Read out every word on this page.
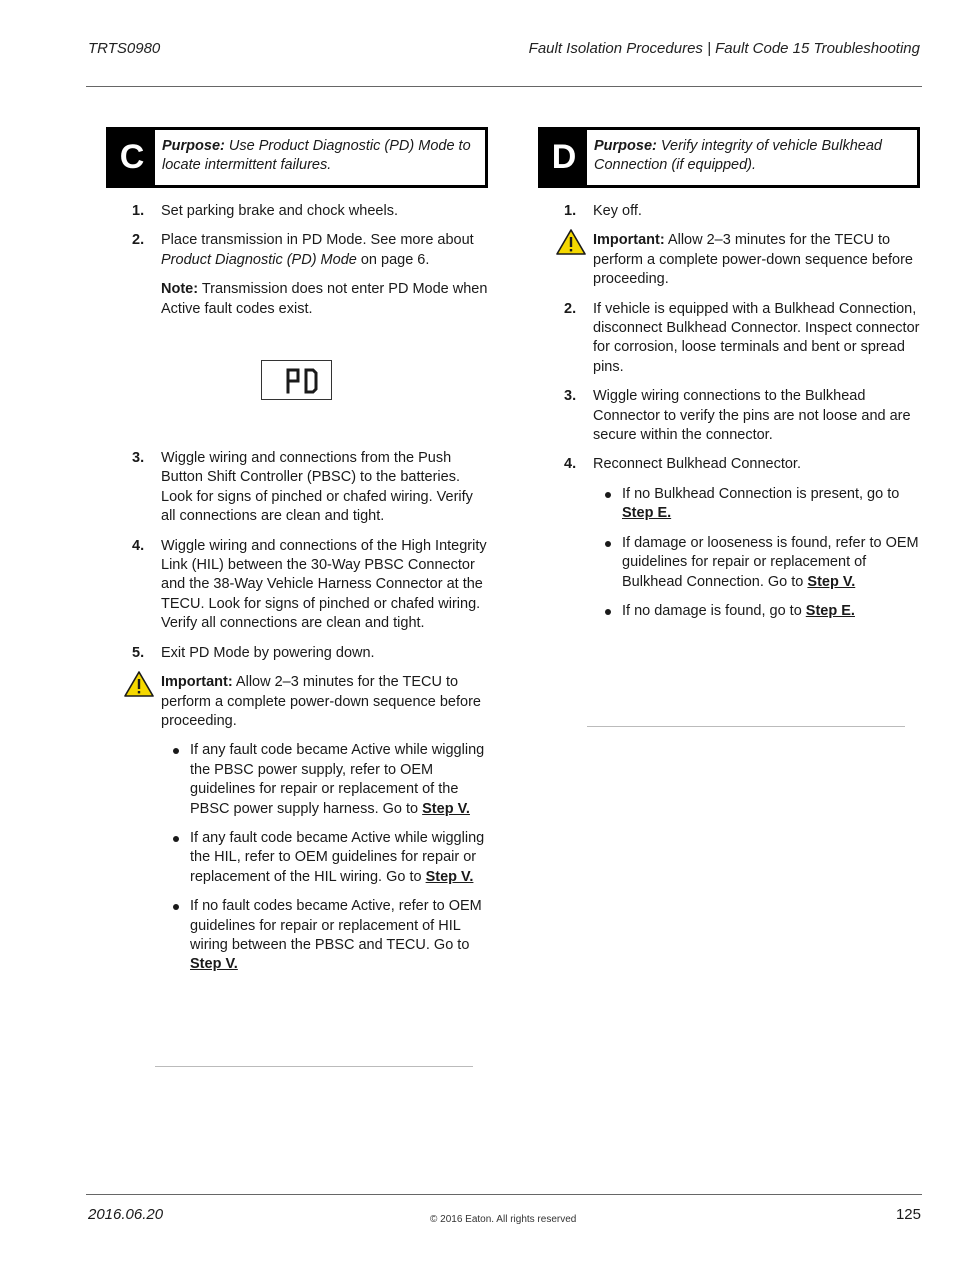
TRTS0980	Fault Isolation Procedures | Fault Code 15 Troubleshooting
C	Purpose: Use Product Diagnostic (PD) Mode to locate intermittent failures.
1. Set parking brake and chock wheels.
2. Place transmission in PD Mode. See more about Product Diagnostic (PD) Mode on page 6.
Note: Transmission does not enter PD Mode when Active fault codes exist.
PD
3. Wiggle wiring and connections from the Push Button Shift Controller (PBSC) to the batteries. Look for signs of pinched or chafed wiring. Verify all connections are clean and tight.
4. Wiggle wiring and connections of the High Integrity Link (HIL) between the 30-Way PBSC Connector and the 38-Way Vehicle Harness Connector at the TECU. Look for signs of pinched or chafed wiring. Verify all connections are clean and tight.
5. Exit PD Mode by powering down.
Important: Allow 2–3 minutes for the TECU to perform a complete power-down sequence before proceeding.
If any fault code became Active while wiggling the PBSC power supply, refer to OEM guidelines for repair or replacement of the PBSC power supply harness. Go to Step V.
If any fault code became Active while wiggling the HIL, refer to OEM guidelines for repair or replacement of the HIL wiring. Go to Step V.
If no fault codes became Active, refer to OEM guidelines for repair or replacement of HIL wiring between the PBSC and TECU. Go to Step V.
D	Purpose: Verify integrity of vehicle Bulkhead Connection (if equipped).
1. Key off.
Important: Allow 2–3 minutes for the TECU to perform a complete power-down sequence before proceeding.
2. If vehicle is equipped with a Bulkhead Connection, disconnect Bulkhead Connector. Inspect connector for corrosion, loose terminals and bent or spread pins.
3. Wiggle wiring connections to the Bulkhead Connector to verify the pins are not loose and are secure within the connector.
4. Reconnect Bulkhead Connector.
If no Bulkhead Connection is present, go to Step E.
If damage or looseness is found, refer to OEM guidelines for repair or replacement of Bulkhead Connection. Go to Step V.
If no damage is found, go to Step E.
2016.06.20	© 2016 Eaton. All rights reserved	125
